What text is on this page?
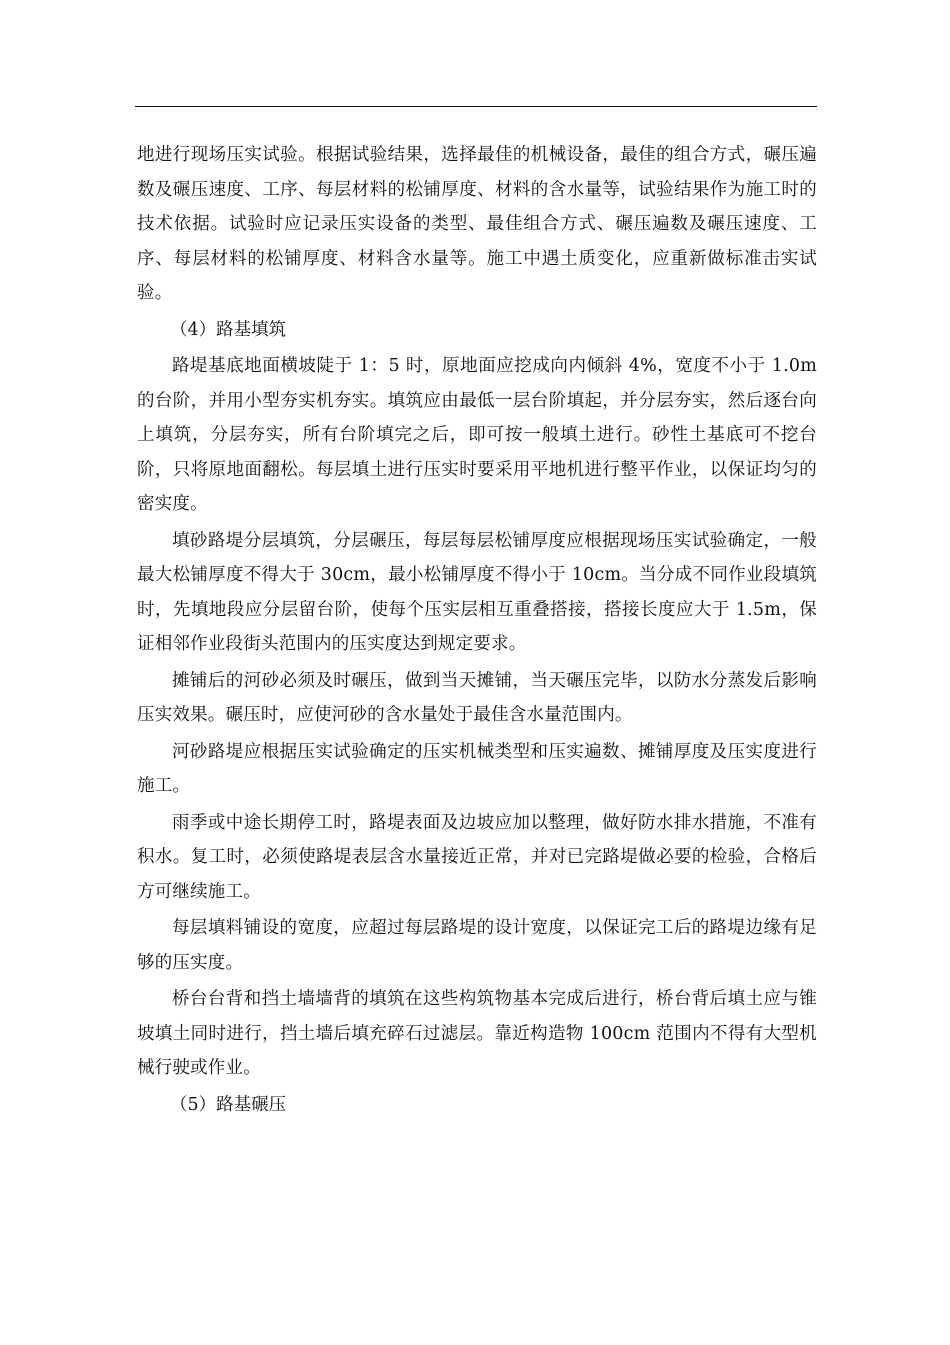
地进行现场压实试验。根据试验结果，选择最佳的机械设备，最佳的组合方式，碾压遍数及碾压速度、工序、每层材料的松铺厚度、材料的含水量等，试验结果作为施工时的技术依据。试验时应记录压实设备的类型、最佳组合方式、碾压遍数及碾压速度、工序、每层材料的松铺厚度、材料含水量等。施工中遇土质变化，应重新做标准击实试验。

（4）路基填筑

路堤基底地面横坡陡于 1：5 时，原地面应挖成向内倾斜 4%，宽度不小于 1.0m 的台阶，并用小型夯实机夯实。填筑应由最低一层台阶填起，并分层夯实，然后逐台向上填筑，分层夯实，所有台阶填完之后，即可按一般填土进行。砂性土基底可不挖台阶，只将原地面翻松。每层填土进行压实时要采用平地机进行整平作业，以保证均匀的密实度。

填砂路堤分层填筑，分层碾压，每层每层松铺厚度应根据现场压实试验确定，一般最大松铺厚度不得大于 30cm，最小松铺厚度不得小于 10cm。当分成不同作业段填筑时，先填地段应分层留台阶，使每个压实层相互重叠搭接，搭接长度应大于 1.5m，保证相邻作业段街头范围内的压实度达到规定要求。

摊铺后的河砂必须及时碾压，做到当天摊铺，当天碾压完毕，以防水分蒸发后影响压实效果。碾压时，应使河砂的含水量处于最佳含水量范围内。

河砂路堤应根据压实试验确定的压实机械类型和压实遍数、摊铺厚度及压实度进行施工。

雨季或中途长期停工时，路堤表面及边坡应加以整理，做好防水排水措施，不准有积水。复工时，必须使路堤表层含水量接近正常，并对已完路堤做必要的检验，合格后方可继续施工。

每层填料铺设的宽度，应超过每层路堤的设计宽度，以保证完工后的路堤边缘有足够的压实度。

桥台台背和挡土墙墙背的填筑在这些构筑物基本完成后进行，桥台背后填土应与锥坡填土同时进行，挡土墙后填充碎石过滤层。靠近构造物 100cm 范围内不得有大型机械行驶或作业。

（5）路基碾压
